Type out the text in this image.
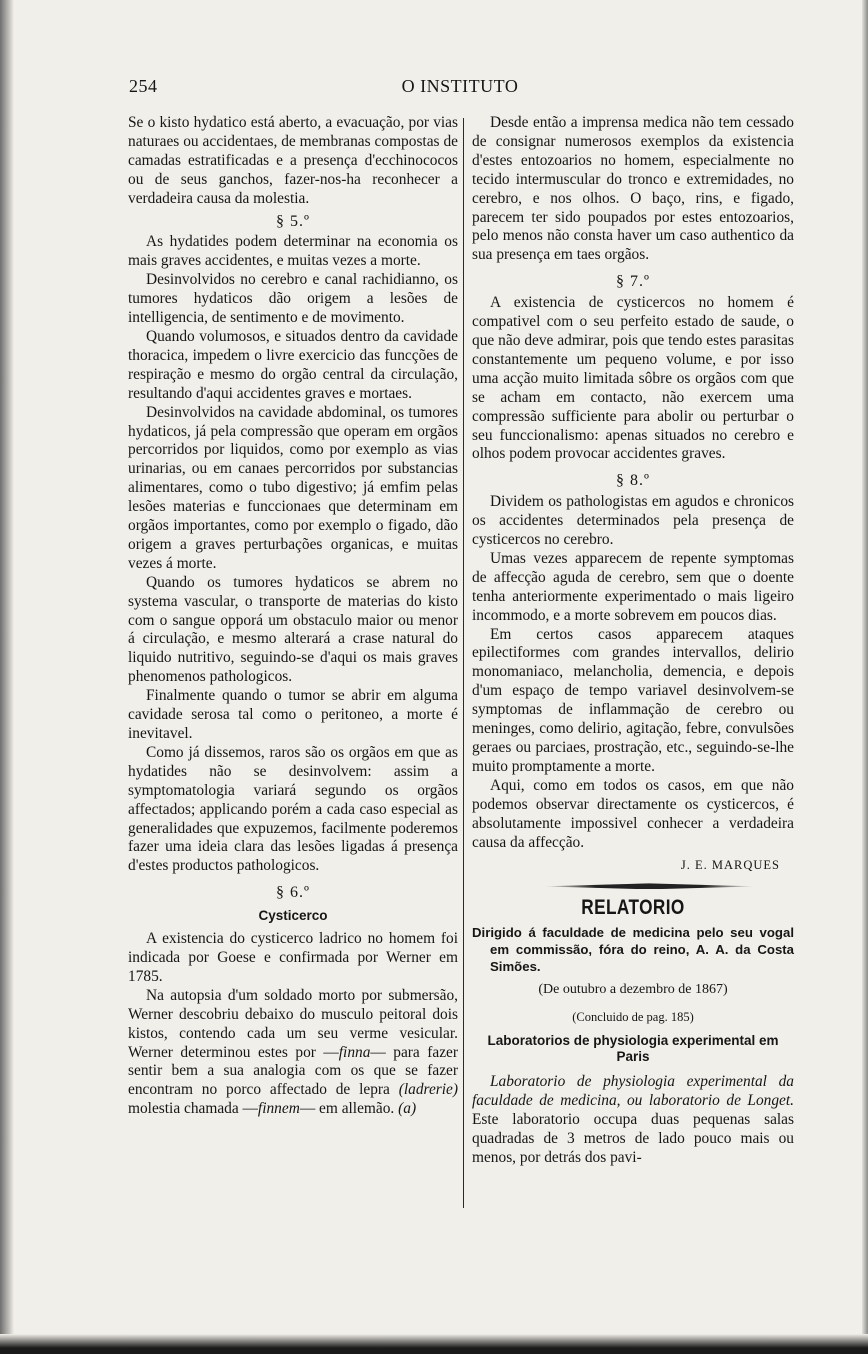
254	O INSTITUTO

Se o kisto hydatico está aberto, a evacuação, por vias naturaes ou accidentaes, de membranas compostas de camadas estratificadas e a presença d'ecchinococos ou de seus ganchos, fazer-nos-ha reconhecer a verdadeira causa da molestia.

§ 5.º

As hydatides podem determinar na economia os mais graves accidentes, e muitas vezes a morte.

Desinvolvidos no cerebro e canal rachidianno, os tumores hydaticos dão origem a lesões de intelligencia, de sentimento e de movimento.

Quando volumosos, e situados dentro da cavidade thoracica, impedem o livre exercicio das funcções de respiração e mesmo do orgão central da circulação, resultando d'aqui accidentes graves e mortaes.

Desinvolvidos na cavidade abdominal, os tumores hydaticos, já pela compressão que operam em orgãos percorridos por liquidos, como por exemplo as vias urinarias, ou em canaes percorridos por substancias alimentares, como o tubo digestivo; já emfim pelas lesões materias e funccionaes que determinam em orgãos importantes, como por exemplo o figado, dão origem a graves perturbações organicas, e muitas vezes á morte.

Quando os tumores hydaticos se abrem no systema vascular, o transporte de materias do kisto com o sangue opporá um obstaculo maior ou menor á circulação, e mesmo alterará a crase natural do liquido nutritivo, seguindo-se d'aqui os mais graves phenomenos pathologicos.

Finalmente quando o tumor se abrir em alguma cavidade serosa tal como o peritoneo, a morte é inevitavel.

Como já dissemos, raros são os orgãos em que as hydatides não se desinvolvem: assim a symptomatologia variará segundo os orgãos affectados; applicando porém a cada caso especial as generalidades que expuzemos, facilmente poderemos fazer uma ideia clara das lesões ligadas á presença d'estes productos pathologicos.

§ 6.º
Cysticerco

A existencia do cysticerco ladrico no homem foi indicada por Goese e confirmada por Werner em 1785.

Na autopsia d'um soldado morto por submersão, Werner descobriu debaixo do musculo peitoral dois kistos, contendo cada um seu verme vesicular. Werner determinou estes por —finna— para fazer sentir bem a sua analogia com os que se fazer encontram no porco affectado de lepra (ladrerie) molestia chamada —finnem— em allemão. (a)

Desde então a imprensa medica não tem cessado de consignar numerosos exemplos da existencia d'estes entozoarios no homem, especialmente no tecido intermuscular do tronco e extremidades, no cerebro, e nos olhos. O baço, rins, e figado, parecem ter sido poupados por estes entozoarios, pelo menos não consta haver um caso authentico da sua presença em taes orgãos.

§ 7.º

A existencia de cysticercos no homem é compativel com o seu perfeito estado de saude, o que não deve admirar, pois que tendo estes parasitas constantemente um pequeno volume, e por isso uma acção muito limitada sôbre os orgãos com que se acham em contacto, não exercem uma compressão sufficiente para abolir ou perturbar o seu funccionalismo: apenas situados no cerebro e olhos podem provocar accidentes graves.

§ 8.º

Dividem os pathologistas em agudos e chronicos os accidentes determinados pela presença de cysticercos no cerebro.

Umas vezes apparecem de repente symptomas de affecção aguda de cerebro, sem que o doente tenha anteriormente experimentado o mais ligeiro incommodo, e a morte sobrevem em poucos dias.

Em certos casos apparecem ataques epilectiformes com grandes intervallos, delirio monomaniaco, melancholia, demencia, e depois d'um espaço de tempo variavel desinvolvem-se symptomas de inflammação de cerebro ou meninges, como delirio, agitação, febre, convulsões geraes ou parciaes, prostração, etc., seguindo-se-lhe muito promptamente a morte.

Aqui, como em todos os casos, em que não podemos observar directamente os cysticercos, é absolutamente impossivel conhecer a verdadeira causa da affecção.

J. E. MARQUES
RELATORIO
Dirigido á faculdade de medicina pelo seu vogal em commissão, fóra do reino, A. A. da Costa Simões.
(De outubro a dezembro de 1867)
(Concluido de pag. 185)
Laboratorios de physiologia experimental em Paris

Laboratorio de physiologia experimental da faculdade de medicina, ou laboratorio de Longet. Este laboratorio occupa duas pequenas salas quadradas de 3 metros de lado pouco mais ou menos, por detrás dos pavi-
